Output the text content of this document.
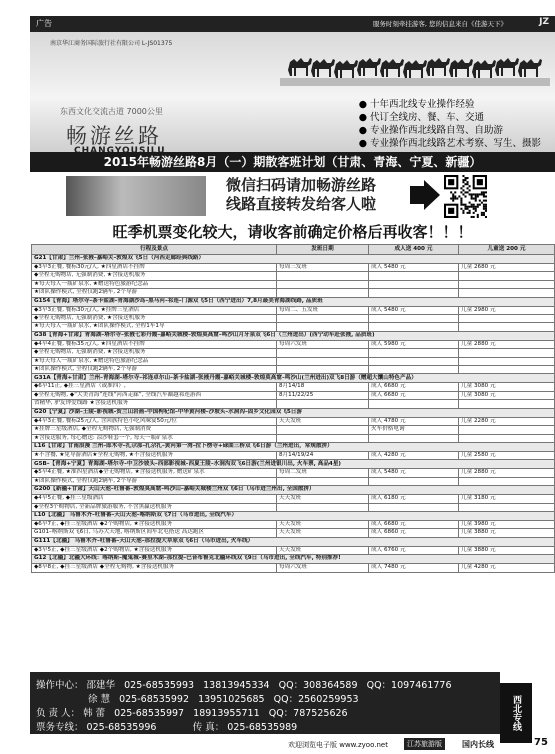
广告	服务时刻牵挂游客, 您的信息来自《佳游天下》	JZ
南京华江商务国际旅行社有限公司 L-JS01375
东西文化交流古道 7000公里
畅游丝路
CHANGYOUSILU
● 十年西北线专业操作经验
● 代订全线房、餐、车、交通
● 专业操作西北线路自驾、自助游
● 专业操作西北线路艺术考察、写生、摄影
2015年畅游丝路8月（一）期散客班计划（甘肃、青海、宁夏、新疆）
微信扫码请加畅游丝路
线路直接转发给客人啦
旺季机票变化较大，请收客前确定价格后再收客！！！
行程及景点	发班日期	成人送 400 元	儿童送 200 元
G21【甘肃】兰州–张掖–嘉峪关–敦煌双飞5日（河西走廊经典线路）			
◆3早3正餐, 餐标30元/人, ★四星酒店不挂牌	每周三发班	成人 5480 元	儿童 2680 元
◆全程无购物店, 无强制消费, ★含接送机服务			
★每天每人一瓶矿泉水, ★赠送特色旅游纪念品			
★团队操作模式, 全程仅跑2辆车, 2个导游			
G154【青海】塔尔寺–茶卡盐湖–青海湖沙岛–黑马河–祁连–门源双飞5日（西宁进出）7,8月最美青海湖线路, 品质班			
◆3早3正餐, 餐标30元/人, ★挂牌三星酒店	每周二、五发班	成人 5480 元	儿童 2980 元
◆全程无购物店, 无强制消费, ★含接送机服务			
★每天每人一瓶矿泉水, ★团队操作模式, 全程1车1导			
G38【青海+甘肃】青海湖–塔尔寺–张掖七彩丹霞–嘉峪关城楼–敦煌莫高窟–鸣沙山月牙泉双飞6日（兰州进出）(西宁动车赴张掖, 品质班)			
◆4早4正餐, 餐标35元/人, ★四星酒店不挂牌	每周六发班	成人 5980 元	儿童 2880 元
◆全程无购物店, 无强制消费, ★含接送机服务			
★每天每人一瓶矿泉水, ★赠送特色旅游纪念品			
★团队操作模式, 全程仅跑2辆车, 2个导游			
G31A【青海+甘肃】兰州–青海湖–塔尔寺–祁连卓尔山–茶卡盐湖–张掖丹霞–嘉峪关城楼–敦煌莫高窟–鸣沙山(兰州进出)双飞8日游（赠超大馕山特色产品）			
◆6早11正, ◆挂三星酒店（或准四）,	8月14/18	成人 6680 元	儿童 3080 元
◆全程无购物, ◆“大美青海”连线“河西走廊”, 全线汽车巅越祁连游西	8月11/22/25	成人 6680 元	儿童 3080 元
省精华, 驴友钟爱线路 ★含接送机服务			
G20【宁夏】沙湖–王陵–影视城–贺兰山岩画–中国枸杞馆–中华黄河楼–沙坡头–水洞沟–固乡文化园双飞5日游			
◆4早3正餐, 餐标25元/人, 含回族特色小吃风味宴50元/位	天天发班	成人 4780 元	儿童 2280 元
★挂牌三星级酒店, ◆全程无购物店, 无强制消费		火车价格电询	
★含接送服务, 每心赠送: 凉沙鞋套一个, 每天一瓶矿泉水			
L16【甘肃】甘南浪漫 兰州–郎木寺–扎尕那–扎尕扎–黄河第一湾–拉卜楞寺+碌曲三桥双飞6日游（兰州进出，常规散拼）			
★不含餐, ★免导游酒店★全程无购物, ★不含接送机服务	8月14/19/24	成人 4280 元	儿童 2580 元
G5B–【青海+宁夏】青海湖–塔尔寺–中卫沙坡头–西部影视城–西夏王陵–水洞沟双飞6日游(兰州进银川出, 火车票, 高品4星)			
◆5早4正餐, ★准四星酒店◆全无购物店, ★含接送机服务, 赠送矿泉水	每周二发班	成人 5480 元	儿童 2880 元
★团队操作模式, 全程仅跑2辆车, 2个导游			
G200【新疆+甘肃】天山天池–吐鲁番–敦煌莫高窟–鸣沙山–嘉峪关城楼兰州双飞6日（乌市进兰州出, 全国散拼）			
◆4早5正餐, ◆挂三星级酒店	天天发班	成人 6180 元	儿童 3180 元
◆全程3个购物店, 全新品牌旅游服务, 不含黑赢送机服务			
L10【北疆】 乌鲁木齐–吐鲁番–天山天池–喀纳斯双飞7日（乌市进出, 全线汽车）			
◆6早7正, ◆挂三星级酒店 ◆2个购物店, ★含接送机服务	天天发班	成人 6680 元	儿童 3980 元
G101–喀纳斯双飞6日, 乌苏大天地, 喀纳斯区间车北屯搭送 高达跑区	天天发班	成人 6860 元	儿童 3880 元
G111【北疆】 乌鲁木齐–吐鲁番–天山天池–那拉提大草原双飞6日（乌市进出, 火车线）			
◆3早5正, ◆挂三星级酒店 ◆2个购物店, ★含接送机服务	天天发班	成人 6760 元	儿童 3880 元
G12【北疆】北疆大环线：喀纳斯–魔鬼城–赛里木湖–那拉提–巴音布鲁克北疆环线双飞9日（乌市进出, 全线汽车, 特别推荐!			
◆8早8正, ◆挂三星级酒店 ◆全程无购物, ★含接送机服务	每周六发班	成人 7480 元	儿童 4280 元
西北专线
操作中心： 邵建华 025-68535993 13813945334 QQ：308364589 QQ：1097461776
徐 慧 025-68535992 13951025685 QQ：2560259953
负 责 人： 韩 蕾 025-68535997 18913955711 QQ：787525626
票务专线： 025-68535996	传 真： 025-68535989
欢迎浏览电子版 www.zyoo.net	江苏旅游版	国内长线	75
